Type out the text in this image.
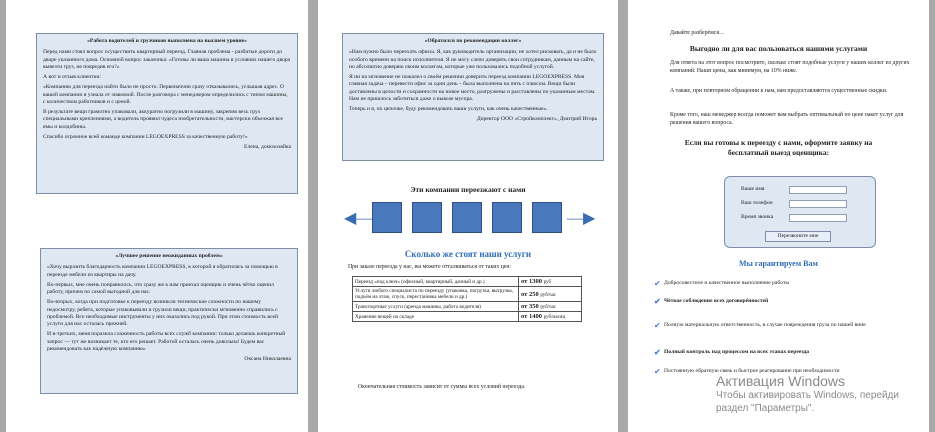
«Работа водителей и грузчиков выполнена на высшем уровне»

Перед нами стоял вопрос осуществить квартирный переезд. Главная проблема - разбитые дороги до дворе указанного дома. Основной вопрос заказчика: «Готовы ли ваша машина в условиях нашего двора вывезти груз, не повредив его?»

А вот и отзыв клиентки:

«Компанию для переезда найти было не просто. Первоначчни сразу отказывались, услышав адрес. О вашей компании я узнала от знакомой. После разговора с менеджером определились с типом машины, с количеством работников и с ценой.

В результате вещи грамотно упаковали, аккуратно погрузили в машину, закрепив весь груз специальными креплениями, а водитель проявил чудеса изобретательности, мастерски объезжая все ямы и колдобины.

Спасибо огромное всей команде компании LEGOEXPRESS за качественную работу!»

Елена, домохозяйка

«Лучшее решение неожиданных проблем»

«Хочу выразить благодарность компании LEGOEXPRESS, к которой я обратилась за помощью в переезде мебели из квартиры на дачу.

Во-первых, мне очень понравилось, что сразу же к нам приехал оценщик и очень чётко оценил работу, причем по самой выгодной для нас.

Во-вторых, когда при подготовке к переезду возникли технические сложности по нашему недосмотру, ребята, которые упаковывали и грузили вещи, практически мгновенно справились с проблемой. Все необходимые инструменты у них оказались под рукой. При этом стоимость всей услуги для нас осталась прежней.

И в-третьих, меня поразила слаженность работы всех служб компании: только делаешь конкретный запрос — тут же возникает те, кто его решает. Работой осталась очень довольна! Будем вас рекомендовать как надёжную компанию»

Оксана Николаевна

«Обратился по рекомендации коллег»

«Нам нужно было переехать офисы. Я, как руководитель организации, не хотел рисковать, да и не было особого времени на поиск исполнителя. Я не могу слепо доверять свои сотрудникам, данным на сайте, но абсолютно доверяю своим коллегам, которые уже пользовались подобной услугой.

Я ни на мгновение не пожалел о своём решении доверить переезд компании LEGOEXPRESS. Моя главная задача – перевести офис за один день – была выполнена на пять с плюсом. Вещи были доставлены в целости и сохранности на новое место, разгружены и расставлены по указанным местам. Нам не пришлось заботиться даже о вывозе мусора.

Теперь и я, по цепочке, буду рекомендовать ваши услуги, как очень качественные».

Директор ООО «Стройкомплект», Дмитрий Игорь

Эти компании переезжают с нами
◀―	―▶
Сколько же стоят наши услуги
При заказе переезда у нас, вы можете отталкиваться от таких цен:
Переезд «под ключ» (офисный, квартирный, дачный и др.)	от 1300 руб
Услуги любого специалиста по переезду (упаковка, погрузка, выгрузка, подъём на этаж, спуск, перестановка мебели и др.)	от 250 руб/час
Транспортные услуги (аренда машины, работа водителя)	от 350 руб/час
Хранение вещей на складе	от 1400 руб/месяц
Окончательная стоимость зависит от суммы всех условий переезда.
Давайте разберёмся…
Выгодно ли для вас пользоваться нашими услугами
Для ответа на этот вопрос посмотрите, сколько стоят подобные услуги у наших коллег из других компаний. Наши цены, как минимум, на 10% ниже.
А также, при повторном обращении к нам, вам предоставляются существенные скидки.
Кроме того, наш менеджер всегда поможет вам выбрать оптимальный по цене пакет услуг для решения вашего вопроса.
Если вы готовы к переезду с нами, оформите заявку на бесплатный выезд оценщика:
Ваше имя
Ваш телефон
Время звонка
Перезвоните мне
Мы гарантируем Вам
✔ Добросовестное и качественное выполнение работы
✔ Чёткое соблюдение всех договорённостей
✔ Полную материальную ответственность, в случае повреждения груза по нашей вине
✔ Полный контроль над процессом на всех этапах переезда
✔ Постоянную обратную связь и быстрое реагирование при необходимости
Активация Windows
Чтобы активировать Windows, перейди
раздел "Параметры".
